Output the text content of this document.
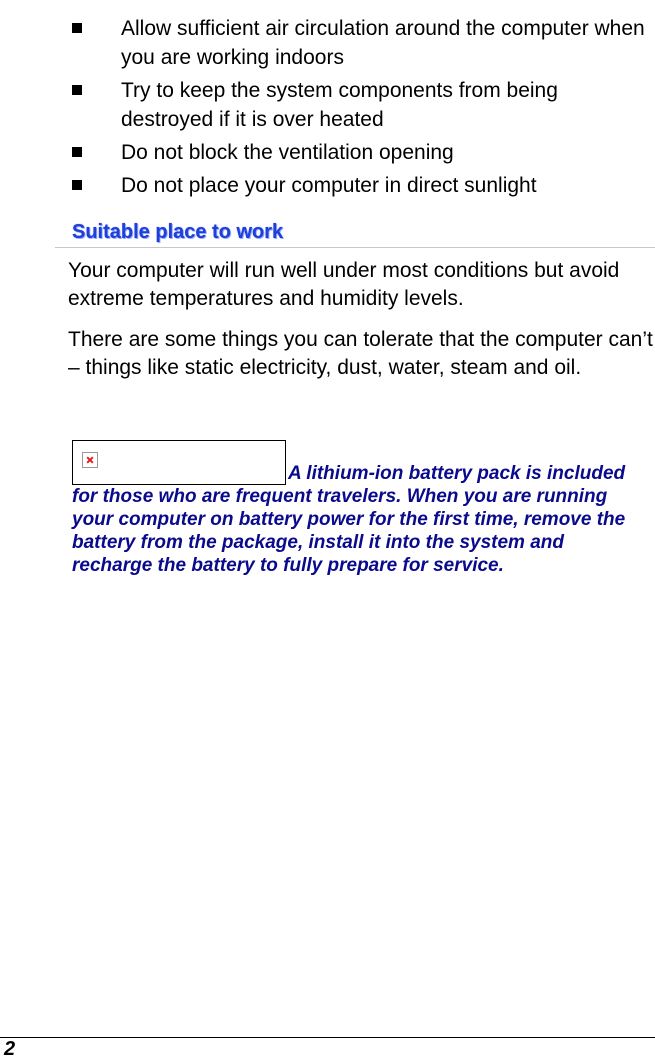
Allow sufficient air circulation around the computer when you are working indoors
Try to keep the system components from being destroyed if it is over heated
Do not block the ventilation opening
Do not place your computer in direct sunlight
Suitable place to work

Your computer will run well under most conditions but avoid extreme temperatures and humidity levels.

There are some things you can tolerate that the computer can’t – things like static electricity, dust, water, steam and oil.

A lithium-ion battery pack is included for those who are frequent travelers. When you are running your computer on battery power for the first time, remove the battery from the package, install it into the system and recharge the battery to fully prepare for service.

2
